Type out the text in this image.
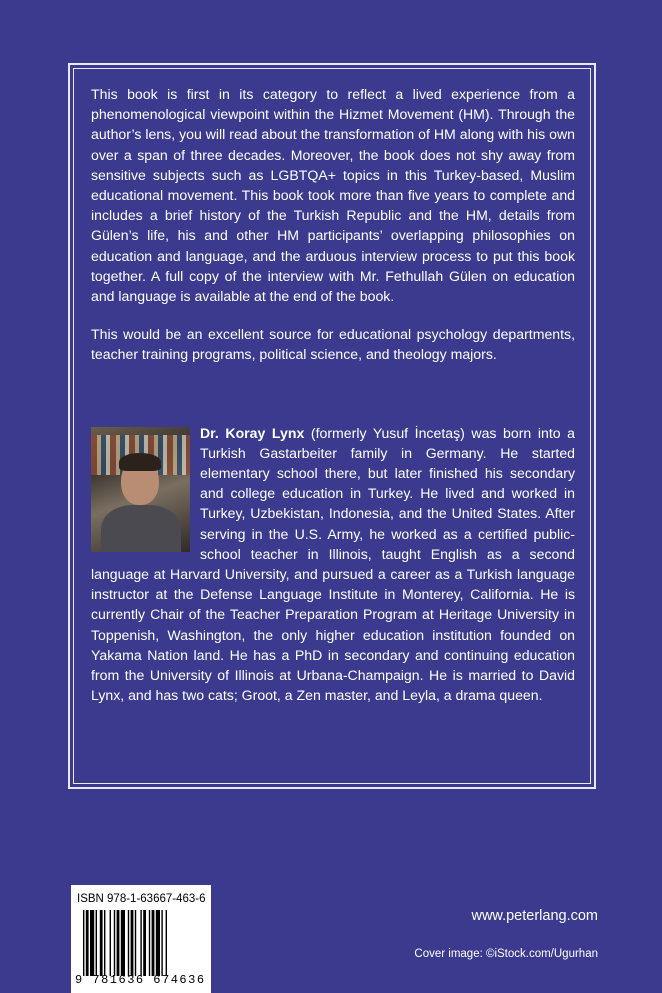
This book is first in its category to reflect a lived experience from a phenomenological viewpoint within the Hizmet Movement (HM). Through the author’s lens, you will read about the transformation of HM along with his own over a span of three decades. Moreover, the book does not shy away from sensitive subjects such as LGBTQA+ topics in this Turkey-based, Muslim educational movement. This book took more than five years to complete and includes a brief history of the Turkish Republic and the HM, details from Gülen’s life, his and other HM participants’ overlapping philosophies on education and language, and the arduous interview process to put this book together. A full copy of the interview with Mr. Fethullah Gülen on education and language is available at the end of the book.

This would be an excellent source for educational psychology departments, teacher training programs, political science, and theology majors.

Dr. Koray Lynx (formerly Yusuf İncetaş) was born into a Turkish Gastarbeiter family in Germany. He started elementary school there, but later finished his secondary and college education in Turkey. He lived and worked in Turkey, Uzbekistan, Indonesia, and the United States. After serving in the U.S. Army, he worked as a certified public-school teacher in Illinois, taught English as a second language at Harvard University, and pursued a career as a Turkish language instructor at the Defense Language Institute in Monterey, California. He is currently Chair of the Teacher Preparation Program at Heritage University in Toppenish, Washington, the only higher education institution founded on Yakama Nation land. He has a PhD in secondary and continuing education from the University of Illinois at Urbana-Champaign. He is married to David Lynx, and has two cats; Groot, a Zen master, and Leyla, a drama queen.

ISBN 978-1-63667-463-6
9 781636 674636
www.peterlang.com
Cover image: ©iStock.com/Ugurhan
